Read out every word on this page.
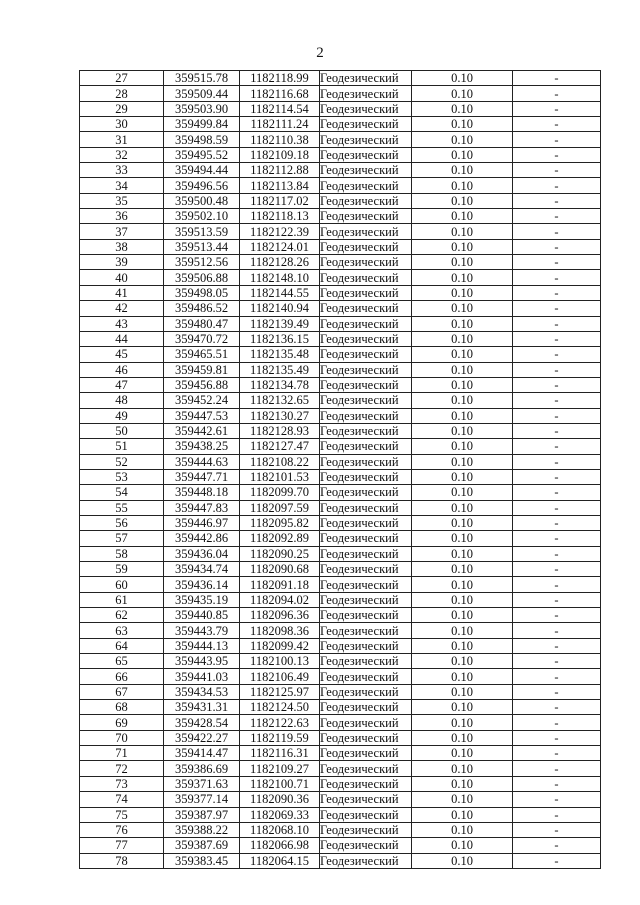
2
27	359515.78	1182118.99	Геодезический	0.10	-
28	359509.44	1182116.68	Геодезический	0.10	-
29	359503.90	1182114.54	Геодезический	0.10	-
30	359499.84	1182111.24	Геодезический	0.10	-
31	359498.59	1182110.38	Геодезический	0.10	-
32	359495.52	1182109.18	Геодезический	0.10	-
33	359494.44	1182112.88	Геодезический	0.10	-
34	359496.56	1182113.84	Геодезический	0.10	-
35	359500.48	1182117.02	Геодезический	0.10	-
36	359502.10	1182118.13	Геодезический	0.10	-
37	359513.59	1182122.39	Геодезический	0.10	-
38	359513.44	1182124.01	Геодезический	0.10	-
39	359512.56	1182128.26	Геодезический	0.10	-
40	359506.88	1182148.10	Геодезический	0.10	-
41	359498.05	1182144.55	Геодезический	0.10	-
42	359486.52	1182140.94	Геодезический	0.10	-
43	359480.47	1182139.49	Геодезический	0.10	-
44	359470.72	1182136.15	Геодезический	0.10	-
45	359465.51	1182135.48	Геодезический	0.10	-
46	359459.81	1182135.49	Геодезический	0.10	-
47	359456.88	1182134.78	Геодезический	0.10	-
48	359452.24	1182132.65	Геодезический	0.10	-
49	359447.53	1182130.27	Геодезический	0.10	-
50	359442.61	1182128.93	Геодезический	0.10	-
51	359438.25	1182127.47	Геодезический	0.10	-
52	359444.63	1182108.22	Геодезический	0.10	-
53	359447.71	1182101.53	Геодезический	0.10	-
54	359448.18	1182099.70	Геодезический	0.10	-
55	359447.83	1182097.59	Геодезический	0.10	-
56	359446.97	1182095.82	Геодезический	0.10	-
57	359442.86	1182092.89	Геодезический	0.10	-
58	359436.04	1182090.25	Геодезический	0.10	-
59	359434.74	1182090.68	Геодезический	0.10	-
60	359436.14	1182091.18	Геодезический	0.10	-
61	359435.19	1182094.02	Геодезический	0.10	-
62	359440.85	1182096.36	Геодезический	0.10	-
63	359443.79	1182098.36	Геодезический	0.10	-
64	359444.13	1182099.42	Геодезический	0.10	-
65	359443.95	1182100.13	Геодезический	0.10	-
66	359441.03	1182106.49	Геодезический	0.10	-
67	359434.53	1182125.97	Геодезический	0.10	-
68	359431.31	1182124.50	Геодезический	0.10	-
69	359428.54	1182122.63	Геодезический	0.10	-
70	359422.27	1182119.59	Геодезический	0.10	-
71	359414.47	1182116.31	Геодезический	0.10	-
72	359386.69	1182109.27	Геодезический	0.10	-
73	359371.63	1182100.71	Геодезический	0.10	-
74	359377.14	1182090.36	Геодезический	0.10	-
75	359387.97	1182069.33	Геодезический	0.10	-
76	359388.22	1182068.10	Геодезический	0.10	-
77	359387.69	1182066.98	Геодезический	0.10	-
78	359383.45	1182064.15	Геодезический	0.10	-
